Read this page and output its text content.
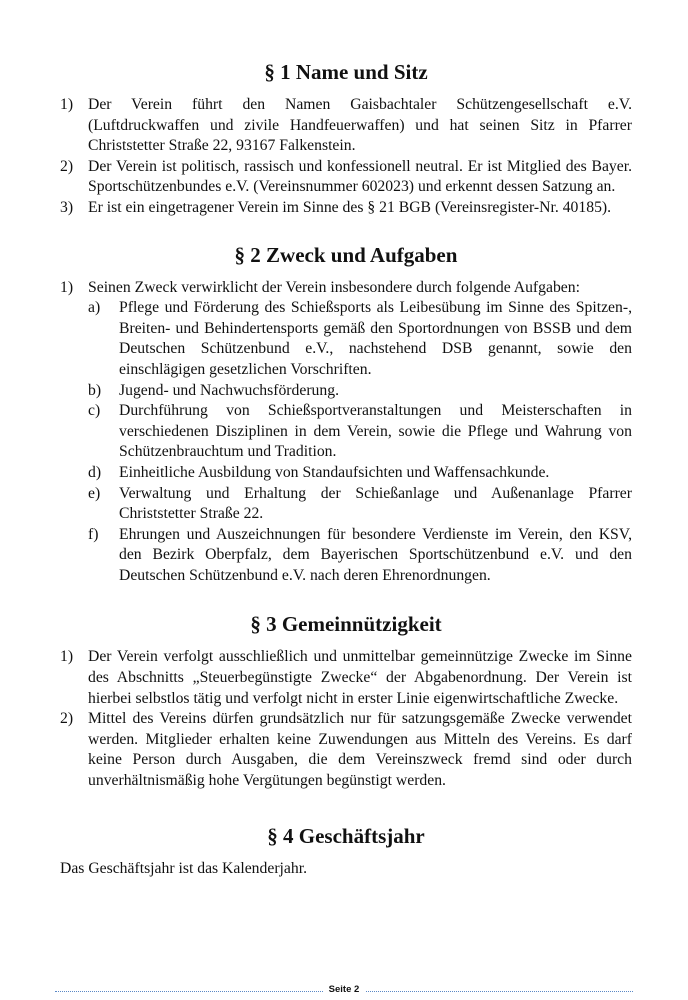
§ 1 Name und Sitz
1) Der Verein führt den Namen Gaisbachtaler Schützengesellschaft e.V. (Luftdruckwaffen und zivile Handfeuerwaffen) und hat seinen Sitz in Pfarrer Christstetter Straße 22, 93167 Falkenstein.
2) Der Verein ist politisch, rassisch und konfessionell neutral. Er ist Mitglied des Bayer. Sportschützenbundes e.V. (Vereinsnummer 602023) und erkennt dessen Satzung an.
3) Er ist ein eingetragener Verein im Sinne des § 21 BGB (Vereinsregister-Nr. 40185).
§ 2 Zweck und Aufgaben
1) Seinen Zweck verwirklicht der Verein insbesondere durch folgende Aufgaben:
a) Pflege und Förderung des Schießsports als Leibesübung im Sinne des Spitzen-, Breiten- und Behindertensports gemäß den Sportordnungen von BSSB und dem Deutschen Schützenbund e.V., nachstehend DSB genannt, sowie den einschlägigen gesetzlichen Vorschriften.
b) Jugend- und Nachwuchsförderung.
c) Durchführung von Schießsportveranstaltungen und Meisterschaften in verschiedenen Disziplinen in dem Verein, sowie die Pflege und Wahrung von Schützenbrauchtum und Tradition.
d) Einheitliche Ausbildung von Standaufsichten und Waffensachkunde.
e) Verwaltung und Erhaltung der Schießanlage und Außenanlage Pfarrer Christstetter Straße 22.
f) Ehrungen und Auszeichnungen für besondere Verdienste im Verein, den KSV, den Bezirk Oberpfalz, dem Bayerischen Sportschützenbund e.V. und den Deutschen Schützenbund e.V. nach deren Ehrenordnungen.
§ 3 Gemeinnützigkeit
1) Der Verein verfolgt ausschließlich und unmittelbar gemeinnützige Zwecke im Sinne des Abschnitts „Steuerbegünstigte Zwecke“ der Abgabenordnung. Der Verein ist hierbei selbstlos tätig und verfolgt nicht in erster Linie eigenwirtschaftliche Zwecke.
2) Mittel des Vereins dürfen grundsätzlich nur für satzungsgemäße Zwecke verwendet werden. Mitglieder erhalten keine Zuwendungen aus Mitteln des Vereins. Es darf keine Person durch Ausgaben, die dem Vereinszweck fremd sind oder durch unverhältnismäßig hohe Vergütungen begünstigt werden.
§ 4 Geschäftsjahr

Das Geschäftsjahr ist das Kalenderjahr.

Seite 2
